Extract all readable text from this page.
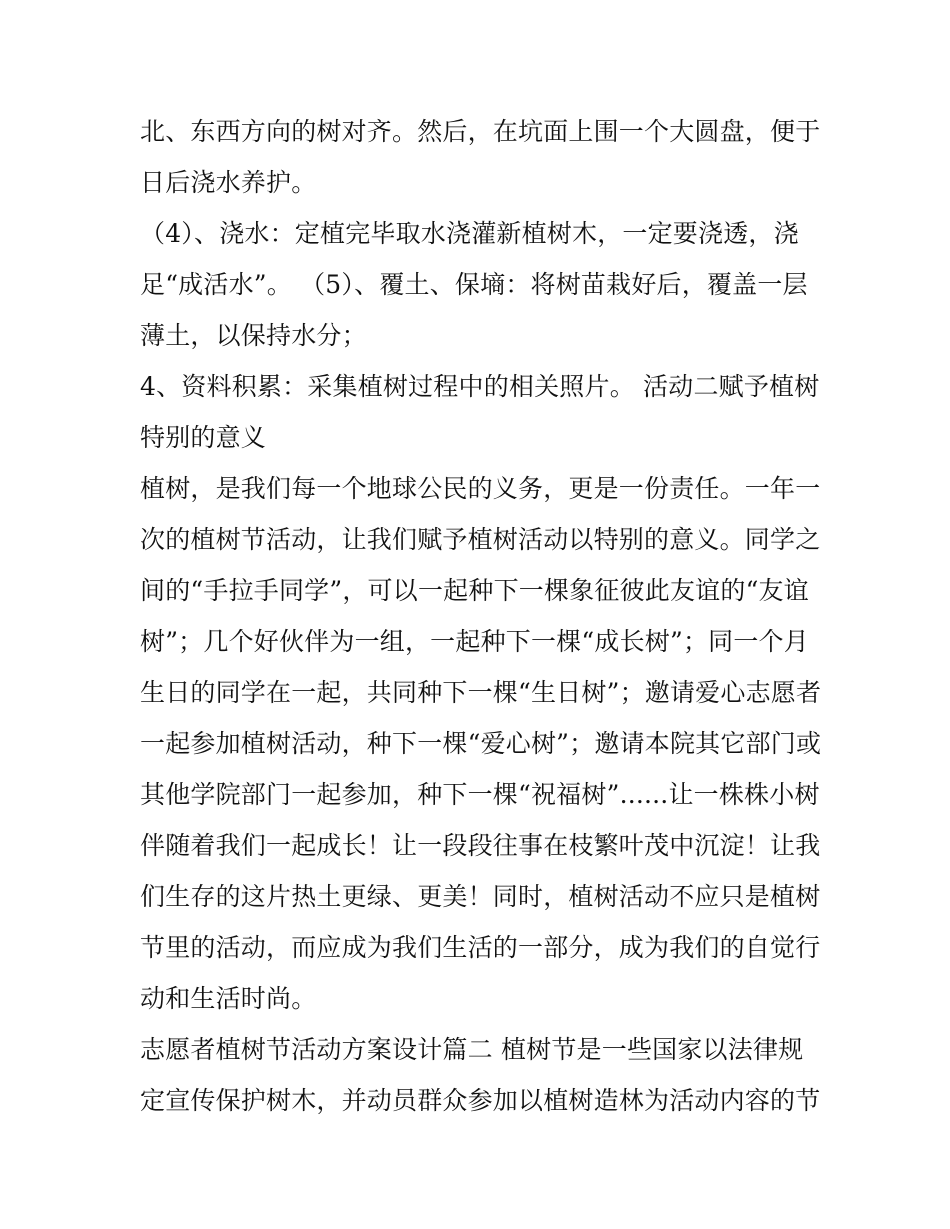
北、东西方向的树对齐。然后，在坑面上围一个大圆盘，便于
日后浇水养护。
（4）、浇水：定植完毕取水浇灌新植树木，一定要浇透，浇
足“成活水”。 （5）、覆土、保墒：将树苗栽好后，覆盖一层
薄土，以保持水分；
4、资料积累：采集植树过程中的相关照片。 活动二赋予植树
特别的意义
植树，是我们每一个地球公民的义务，更是一份责任。一年一
次的植树节活动，让我们赋予植树活动以特别的意义。同学之
间的“手拉手同学”，可以一起种下一棵象征彼此友谊的“友谊
树”；几个好伙伴为一组，一起种下一棵“成长树”；同一个月
生日的同学在一起，共同种下一棵“生日树”；邀请爱心志愿者
一起参加植树活动，种下一棵“爱心树”；邀请本院其它部门或
其他学院部门一起参加，种下一棵“祝福树”......让一株株小树
伴随着我们一起成长！让一段段往事在枝繁叶茂中沉淀！让我
们生存的这片热土更绿、更美！同时，植树活动不应只是植树
节里的活动，而应成为我们生活的一部分，成为我们的自觉行
动和生活时尚。
志愿者植树节活动方案设计篇二 植树节是一些国家以法律规
定宣传保护树木，并动员群众参加以植树造林为活动内容的节
